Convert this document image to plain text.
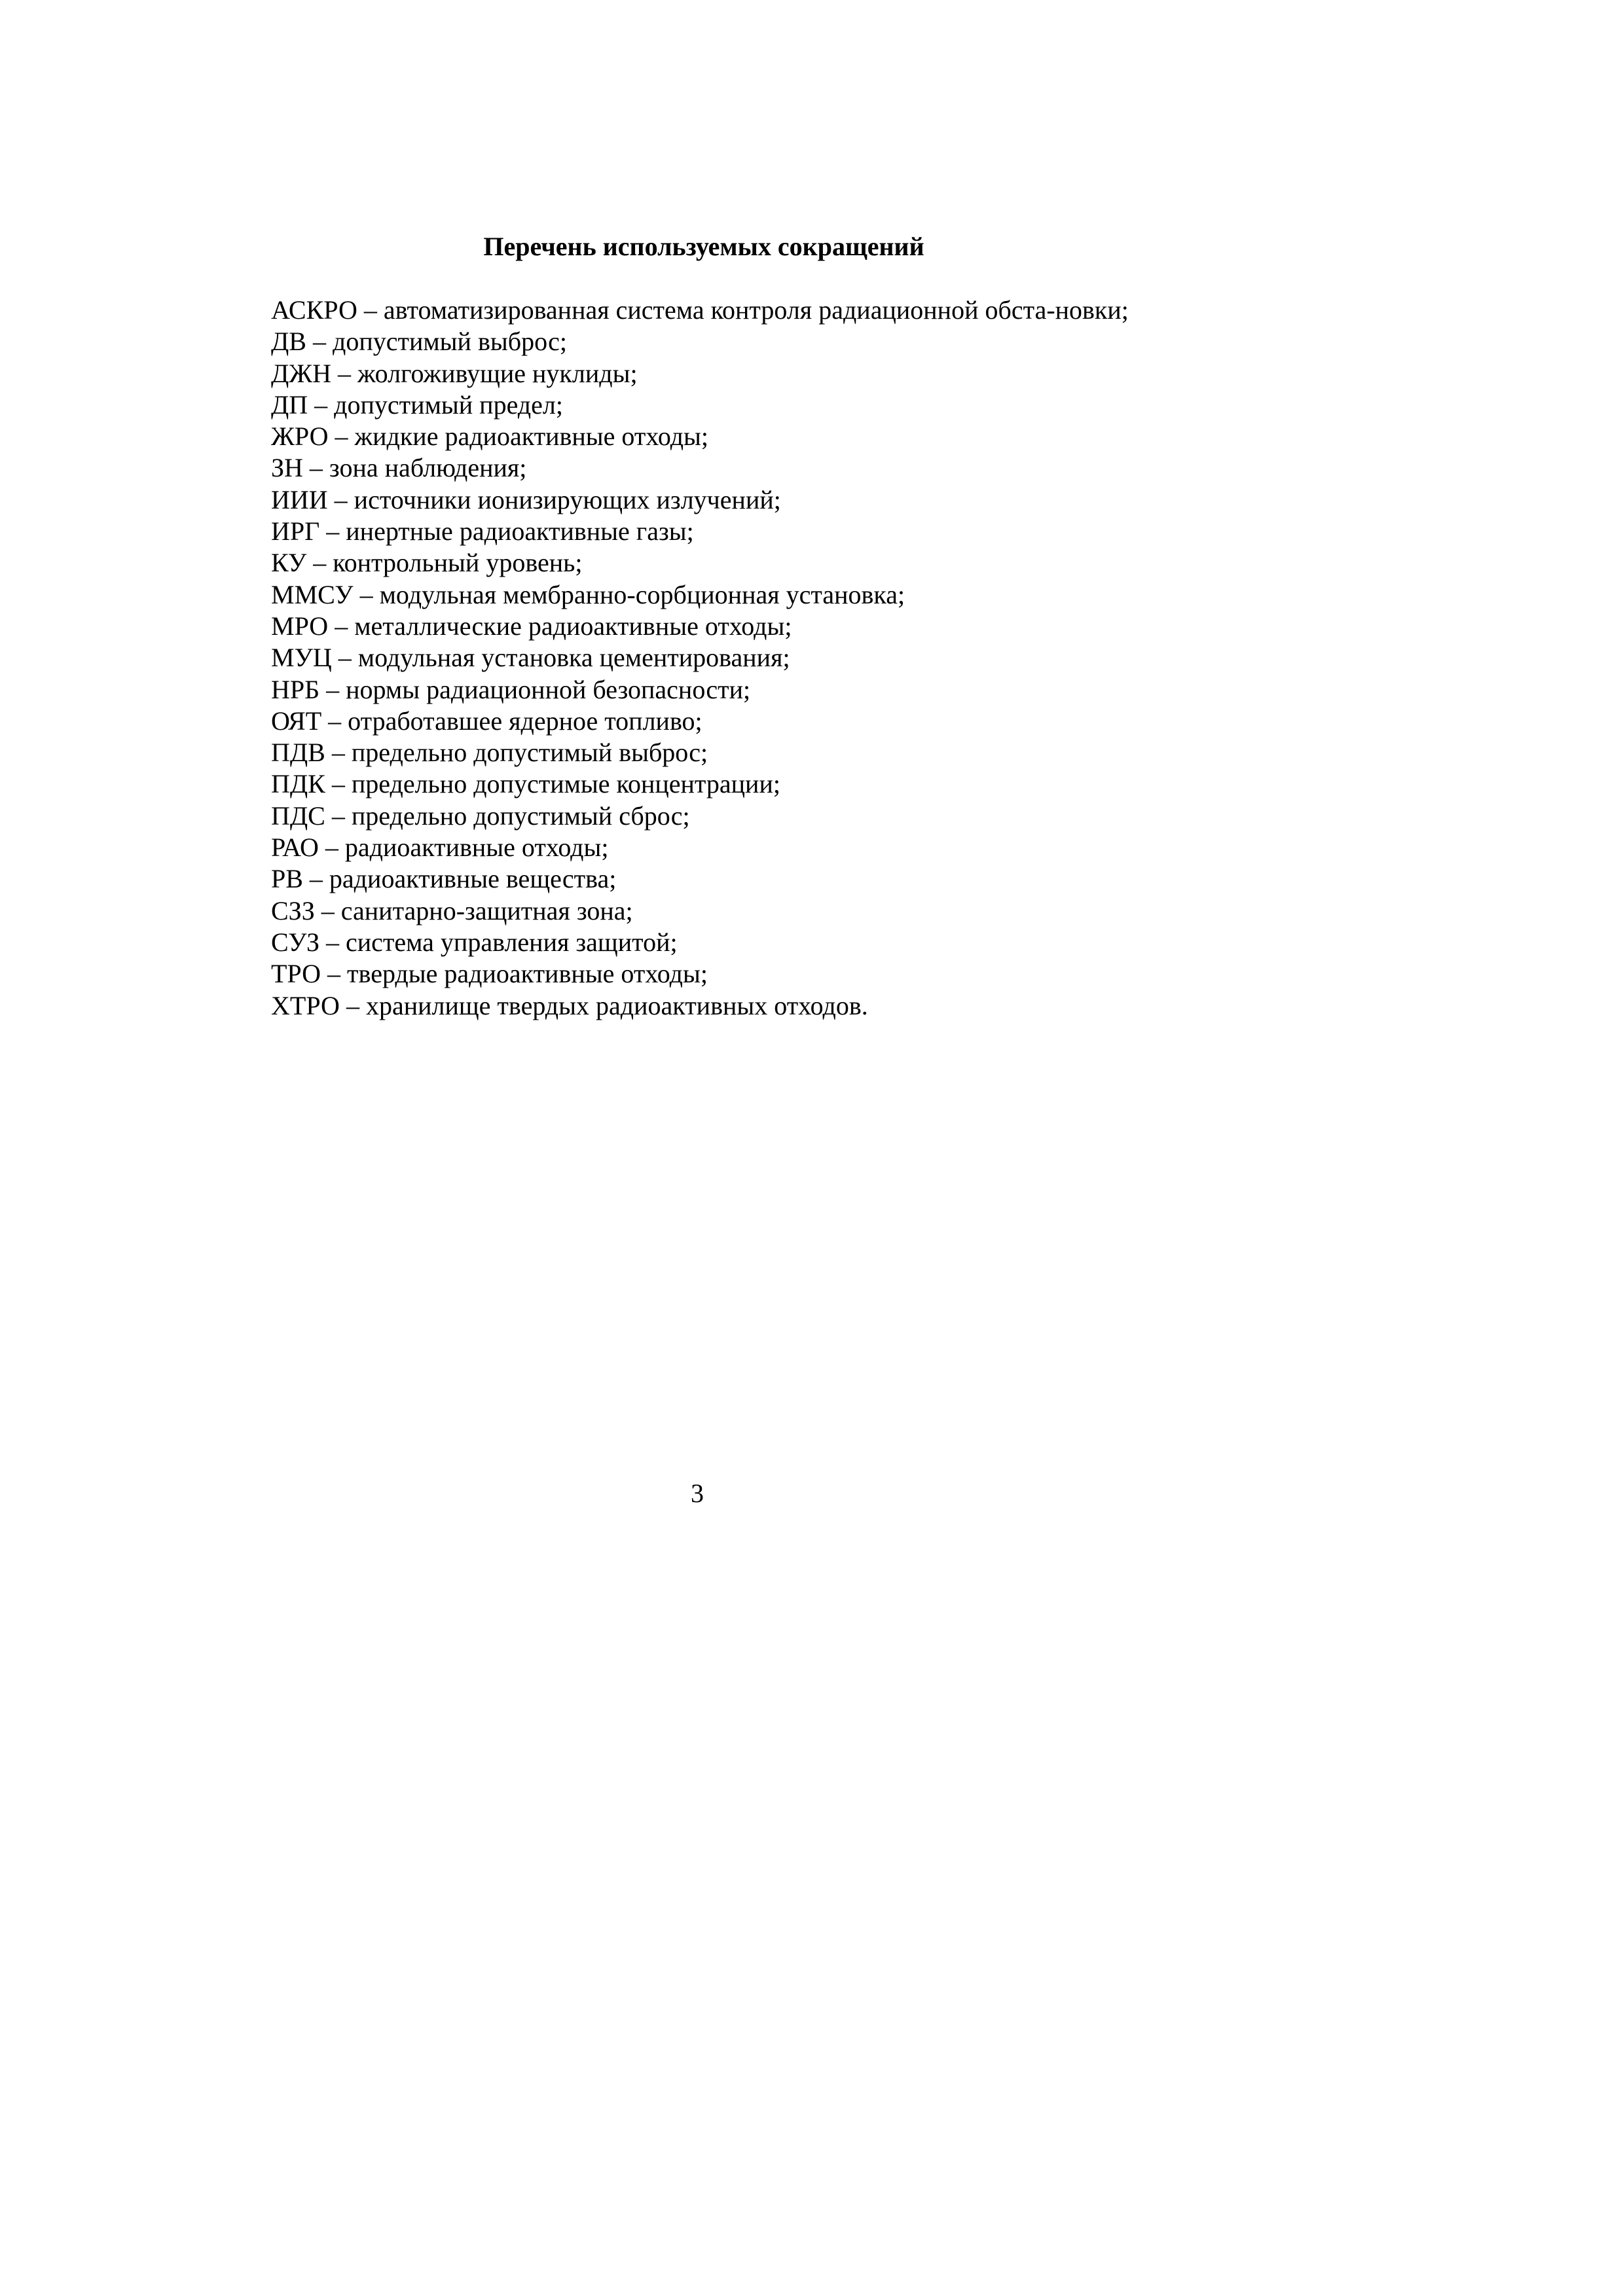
Перечень используемых сокращений
АСКРО – автоматизированная система контроля радиационной обста-новки;
ДВ – допустимый выброс;
ДЖН – жолгоживущие нуклиды;
ДП – допустимый предел;
ЖРО – жидкие радиоактивные отходы;
ЗН – зона наблюдения;
ИИИ – источники ионизирующих излучений;
ИРГ – инертные радиоактивные газы;
КУ – контрольный уровень;
ММСУ – модульная мембранно-сорбционная установка;
МРО – металлические радиоактивные отходы;
МУЦ – модульная установка цементирования;
НРБ – нормы радиационной безопасности;
ОЯТ – отработавшее ядерное топливо;
ПДВ – предельно допустимый выброс;
ПДК – предельно допустимые концентрации;
ПДС – предельно допустимый сброс;
РАО – радиоактивные отходы;
РВ – радиоактивные вещества;
СЗЗ – санитарно-защитная зона;
СУЗ – система управления защитой;
ТРО – твердые радиоактивные отходы;
ХТРО – хранилище твердых радиоактивных отходов.
3
